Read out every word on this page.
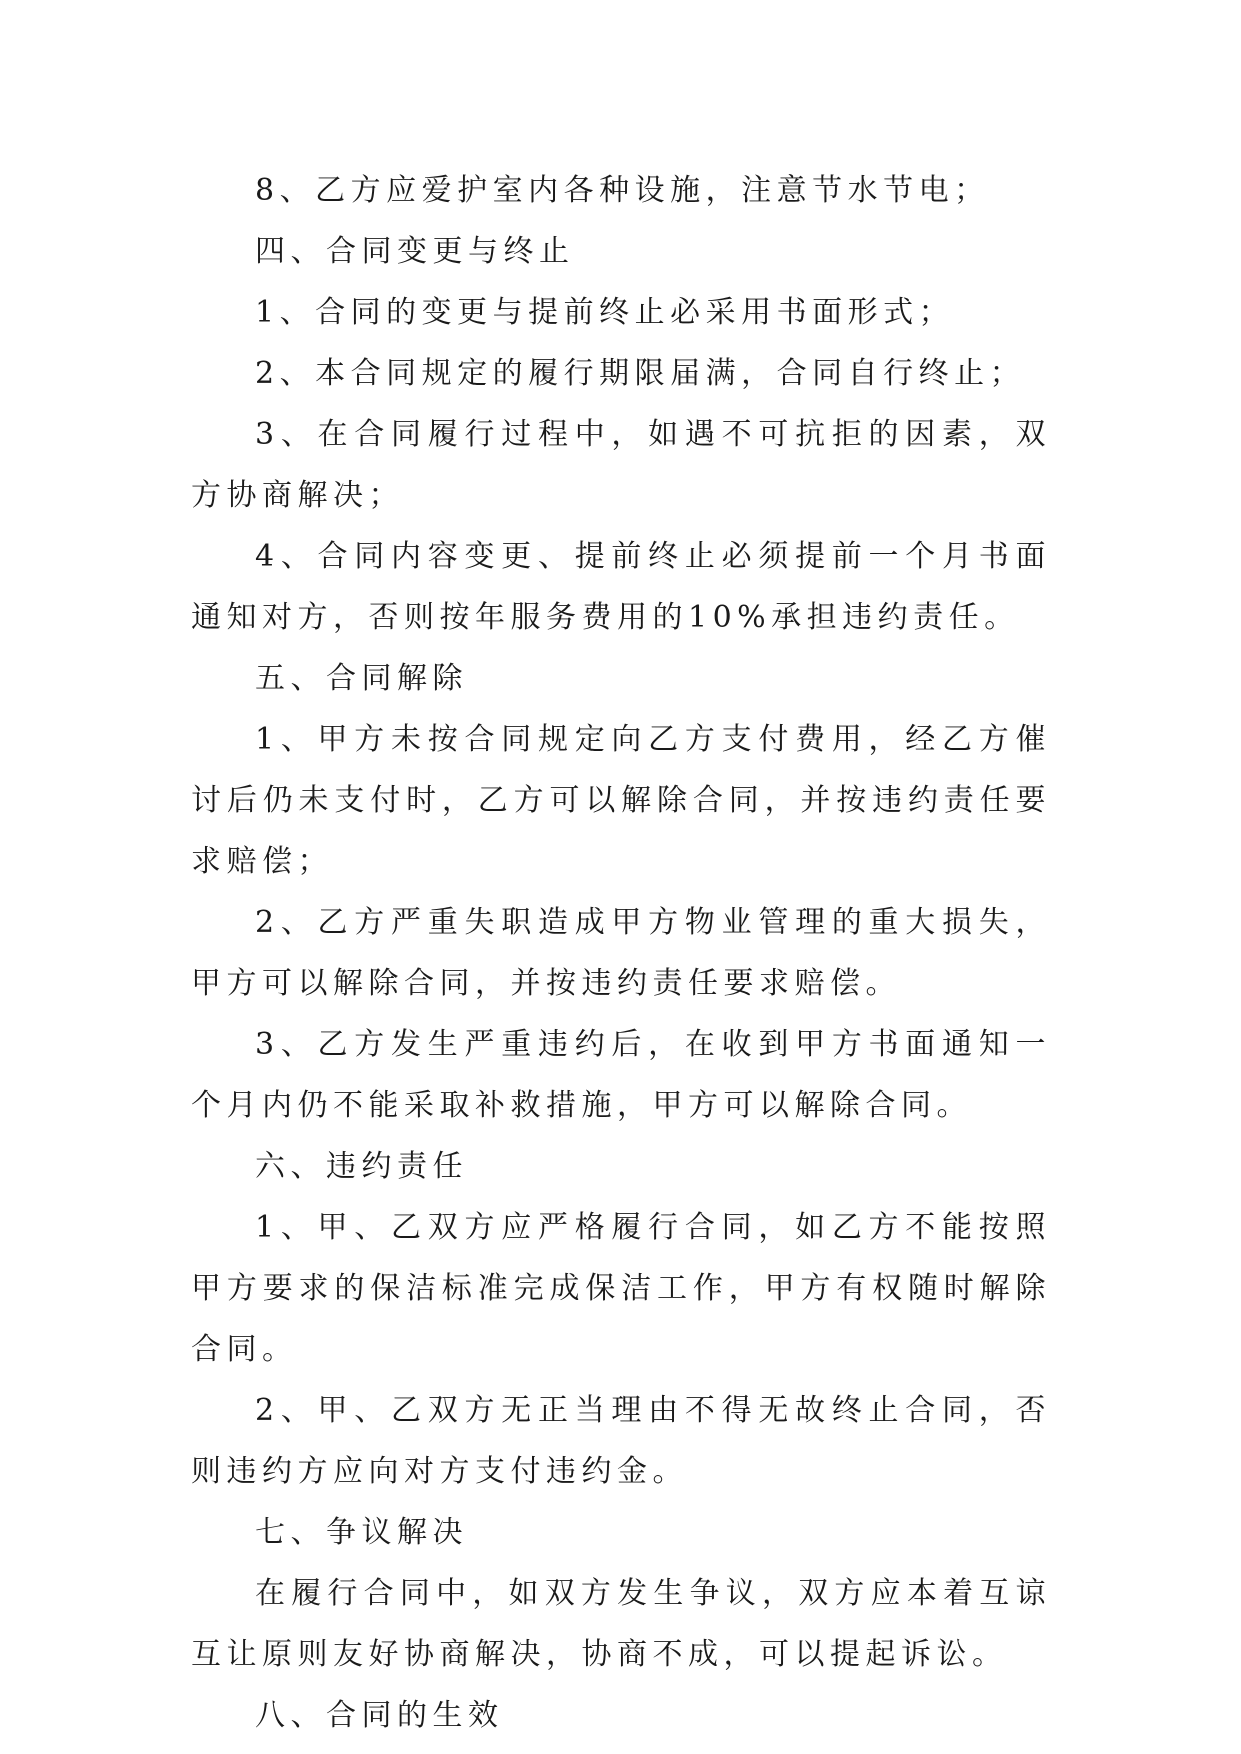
8、乙方应爱护室内各种设施，注意节水节电；

四、合同变更与终止

1、合同的变更与提前终止必采用书面形式；

2、本合同规定的履行期限届满，合同自行终止；

3、在合同履行过程中，如遇不可抗拒的因素，双方协商解决；

4、合同内容变更、提前终止必须提前一个月书面通知对方，否则按年服务费用的10%承担违约责任。

五、合同解除

1、甲方未按合同规定向乙方支付费用，经乙方催讨后仍未支付时，乙方可以解除合同，并按违约责任要求赔偿；

2、乙方严重失职造成甲方物业管理的重大损失，甲方可以解除合同，并按违约责任要求赔偿。

3、乙方发生严重违约后，在收到甲方书面通知一个月内仍不能采取补救措施，甲方可以解除合同。

六、违约责任

1、甲、乙双方应严格履行合同，如乙方不能按照甲方要求的保洁标准完成保洁工作，甲方有权随时解除合同。

2、甲、乙双方无正当理由不得无故终止合同，否则违约方应向对方支付违约金。

七、争议解决

在履行合同中，如双方发生争议，双方应本着互谅互让原则友好协商解决，协商不成，可以提起诉讼。

八、合同的生效
